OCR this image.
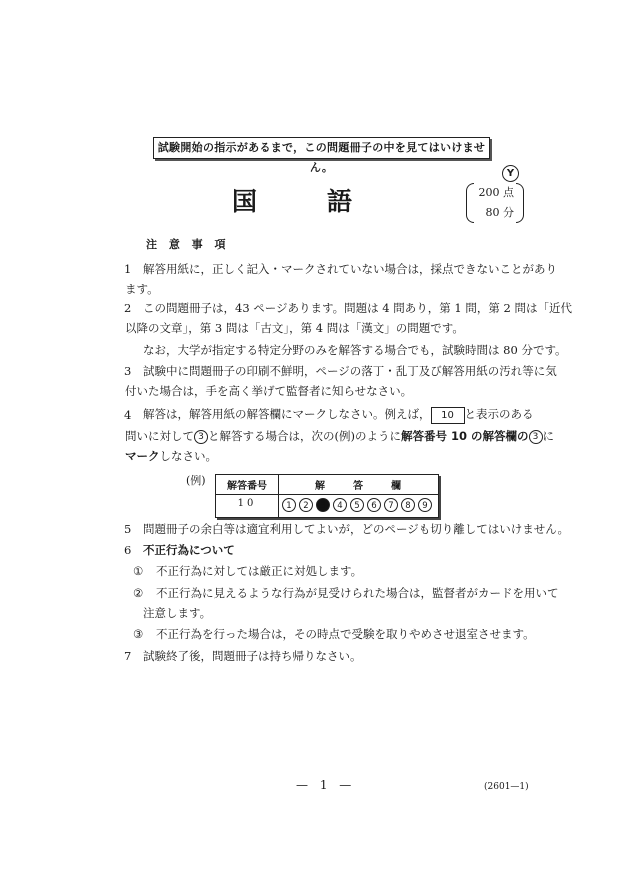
試験開始の指示があるまで，この問題冊子の中を見てはいけません。	Y
国	語	200 点
80 分
注 意 事 項
1 解答用紙に，正しく記入・マークされていない場合は，採点できないことがあり
ます。
2 この問題冊子は，43 ページあります。問題は 4 問あり，第 1 問，第 2 問は「近代
以降の文章」，第 3 問は「古文」，第 4 問は「漢文」の問題です。
なお，大学が指定する特定分野のみを解答する場合でも，試験時間は 80 分です。
3 試験中に問題冊子の印刷不鮮明，ページの落丁・乱丁及び解答用紙の汚れ等に気
付いた場合は，手を高く挙げて監督者に知らせなさい。
4 解答は，解答用紙の解答欄にマークしなさい。例えば， 10 と表示のある
問いに対して 3 と解答する場合は，次の(例)のように解答番号 10 の解答欄の 3 に
マークしなさい。
(例)	解答番号	解答欄
10	1	2	3	4	5	6	7	8	9
5 問題冊子の余白等は適宜利用してよいが，どのページも切り離してはいけません。
6 不正行為について
① 不正行為に対しては厳正に対処します。
② 不正行為に見えるような行為が見受けられた場合は，監督者がカードを用いて
注意します。
③ 不正行為を行った場合は，その時点で受験を取りやめさせ退室させます。
7 試験終了後，問題冊子は持ち帰りなさい。
— 1 —	(2601—1)
